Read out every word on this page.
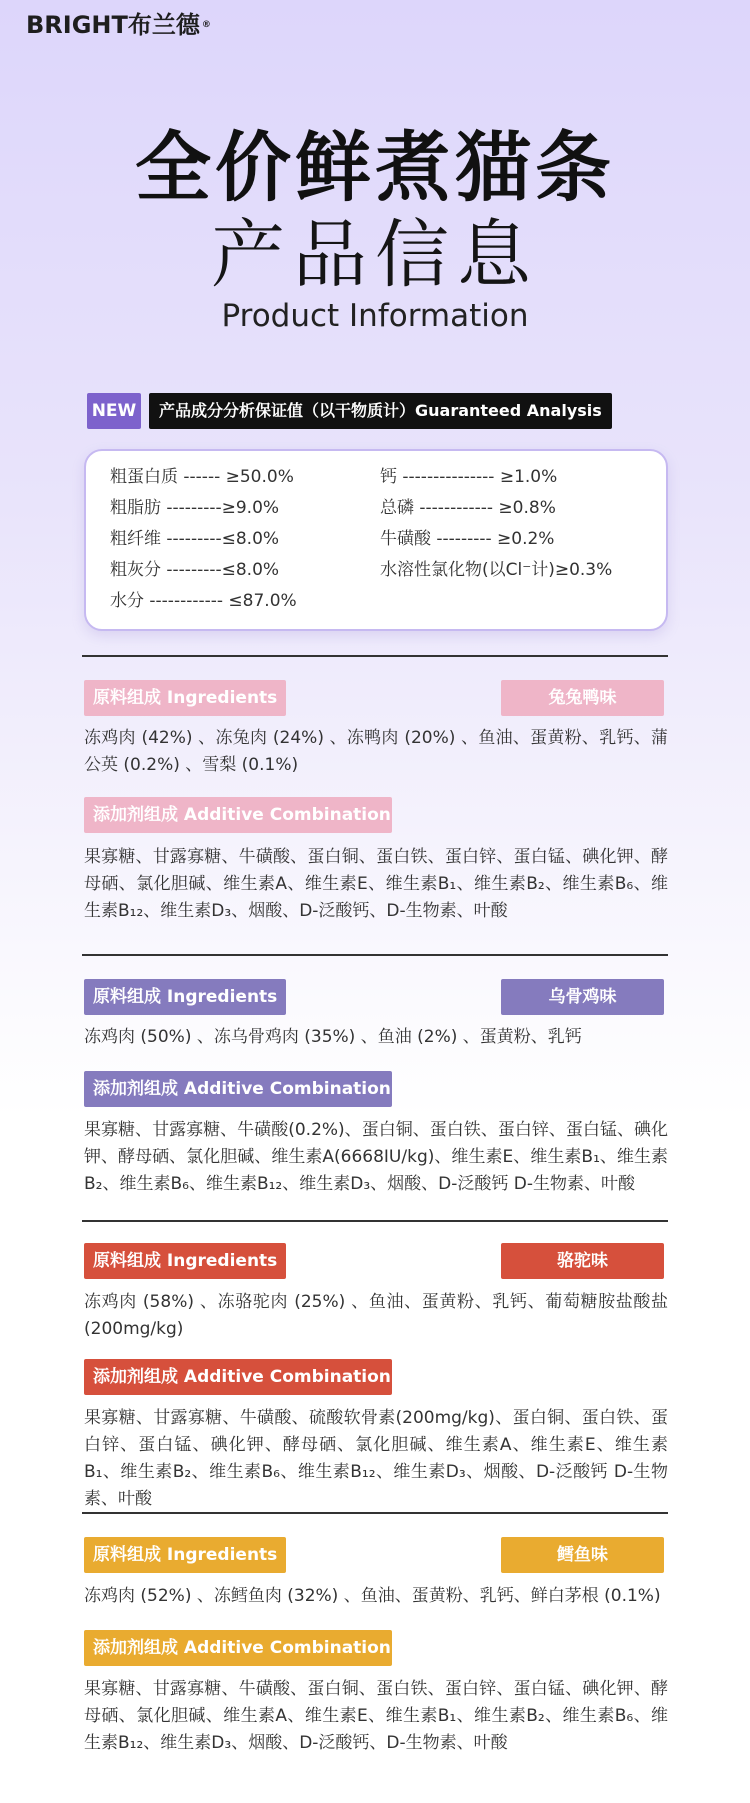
BRIGHT布兰德 ®
全价鲜煮猫条
产品信息
Product Information
NEW	产品成分分析保证值（以干物质计）Guaranteed Analysis
粗蛋白质 ------ ≥50.0%
粗脂肪 ---------≥9.0%
粗纤维 ---------≤8.0%
粗灰分 ---------≤8.0%
水分 ------------ ≤87.0%
钙 --------------- ≥1.0%
总磷 ------------ ≥0.8%
牛磺酸 --------- ≥0.2%
水溶性氯化物(以Cl⁻计)≥0.3%
原料组成 Ingredients	兔兔鸭味
冻鸡肉 (42%) 、冻兔肉 (24%) 、冻鸭肉 (20%) 、鱼油、蛋黄粉、乳钙、蒲公英 (0.2%) 、雪梨 (0.1%)
添加剂组成 Additive Combination
果寡糖、甘露寡糖、牛磺酸、蛋白铜、蛋白铁、蛋白锌、蛋白锰、碘化钾、酵母硒、氯化胆碱、维生素A、维生素E、维生素B₁、维生素B₂、维生素B₆、维生素B₁₂、维生素D₃、烟酸、D-泛酸钙、D-生物素、叶酸
原料组成 Ingredients	乌骨鸡味
冻鸡肉 (50%) 、冻乌骨鸡肉 (35%) 、鱼油 (2%) 、蛋黄粉、乳钙
添加剂组成 Additive Combination
果寡糖、甘露寡糖、牛磺酸(0.2%)、蛋白铜、蛋白铁、蛋白锌、蛋白锰、碘化钾、酵母硒、氯化胆碱、维生素A(6668IU/kg)、维生素E、维生素B₁、维生素B₂、维生素B₆、维生素B₁₂、维生素D₃、烟酸、D-泛酸钙 D-生物素、叶酸
原料组成 Ingredients	骆驼味
冻鸡肉 (58%) 、冻骆驼肉 (25%) 、鱼油、蛋黄粉、乳钙、葡萄糖胺盐酸盐 (200mg/kg)
添加剂组成 Additive Combination
果寡糖、甘露寡糖、牛磺酸、硫酸软骨素(200mg/kg)、蛋白铜、蛋白铁、蛋白锌、蛋白锰、碘化钾、酵母硒、氯化胆碱、维生素A、维生素E、维生素B₁、维生素B₂、维生素B₆、维生素B₁₂、维生素D₃、烟酸、D-泛酸钙 D-生物素、叶酸
原料组成 Ingredients	鳕鱼味
冻鸡肉 (52%) 、冻鳕鱼肉 (32%) 、鱼油、蛋黄粉、乳钙、鲜白茅根 (0.1%)
添加剂组成 Additive Combination
果寡糖、甘露寡糖、牛磺酸、蛋白铜、蛋白铁、蛋白锌、蛋白锰、碘化钾、酵母硒、氯化胆碱、维生素A、维生素E、维生素B₁、维生素B₂、维生素B₆、维生素B₁₂、维生素D₃、烟酸、D-泛酸钙、D-生物素、叶酸
